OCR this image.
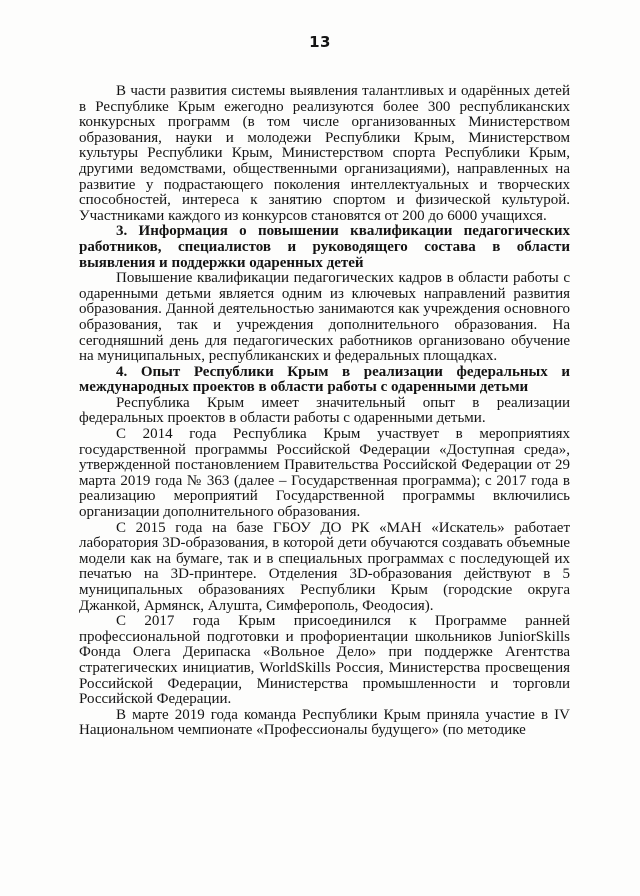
13

В части развития системы выявления талантливых и одарённых детей в Республике Крым ежегодно реализуются более 300 республиканских конкурсных программ (в том числе организованных Министерством образования, науки и молодежи Республики Крым, Министерством культуры Республики Крым, Министерством спорта Республики Крым, другими ведомствами, общественными организациями), направленных на развитие у подрастающего поколения интеллектуальных и творческих способностей, интереса к занятию спортом и физической культурой. Участниками каждого из конкурсов становятся от 200 до 6000 учащихся.

3. Информация о повышении квалификации педагогических работников, специалистов и руководящего состава в области выявления и поддержки одаренных детей

Повышение квалификации педагогических кадров в области работы с одаренными детьми является одним из ключевых направлений развития образования. Данной деятельностью занимаются как учреждения основного образования, так и учреждения дополнительного образования. На сегодняшний день для педагогических работников организовано обучение на муниципальных, республиканских и федеральных площадках.

4. Опыт Республики Крым в реализации федеральных и международных проектов в области работы с одаренными детьми

Республика Крым имеет значительный опыт в реализации федеральных проектов в области работы с одаренными детьми.

С 2014 года Республика Крым участвует в мероприятиях государственной программы Российской Федерации «Доступная среда», утвержденной постановлением Правительства Российской Федерации от 29 марта 2019 года № 363 (далее – Государственная программа); с 2017 года в реализацию мероприятий Государственной программы включились организации дополнительного образования.

С 2015 года на базе ГБОУ ДО РК «МАН «Искатель» работает лаборатория 3D-образования, в которой дети обучаются создавать объемные модели как на бумаге, так и в специальных программах с последующей их печатью на 3D-принтере. Отделения 3D-образования действуют в 5 муниципальных образованиях Республики Крым (городские округа Джанкой, Армянск, Алушта, Симферополь, Феодосия).

С 2017 года Крым присоединился к Программе ранней профессиональной подготовки и профориентации школьников JuniorSkills Фонда Олега Дерипаска «Вольное Дело» при поддержке Агентства стратегических инициатив, WorldSkills Россия, Министерства просвещения Российской Федерации, Министерства промышленности и торговли Российской Федерации.

В марте 2019 года команда Республики Крым приняла участие в IV Национальном чемпионате «Профессионалы будущего» (по методике
